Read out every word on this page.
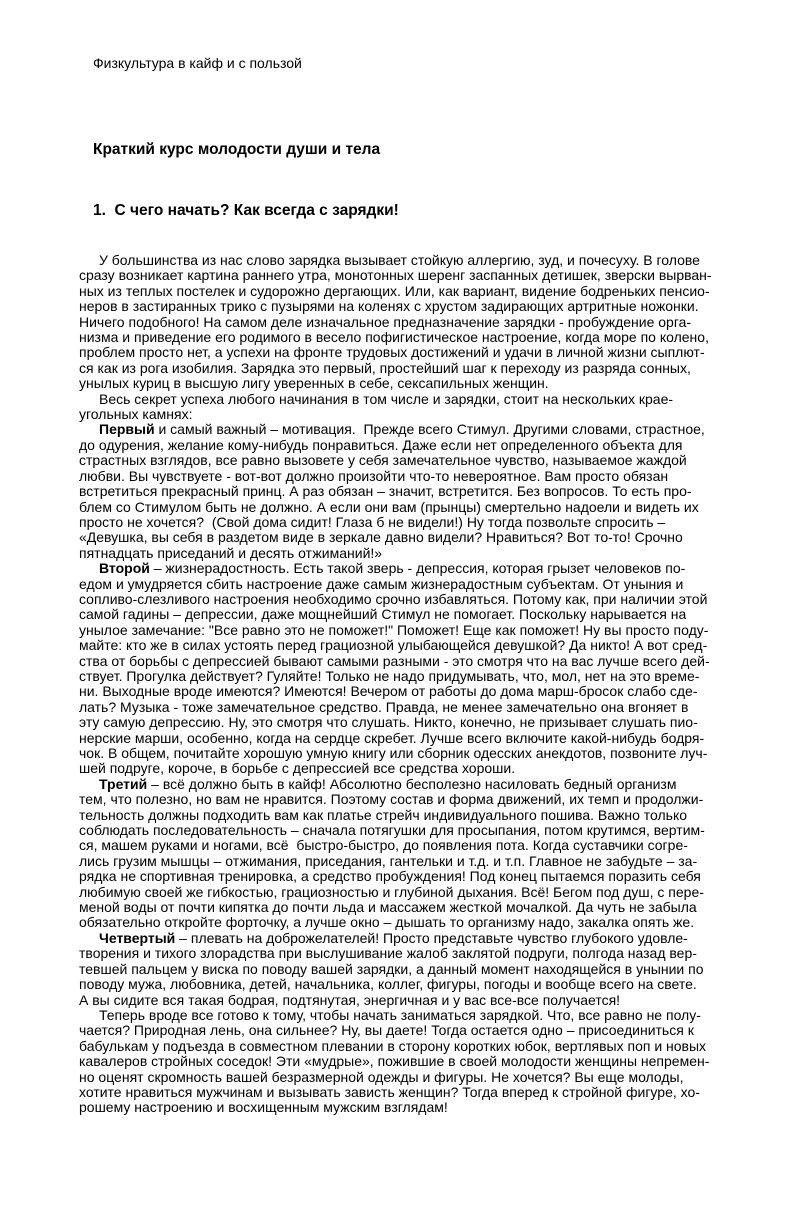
Физкультура в кайф и с пользой
Краткий курс молодости души и тела
1.  С чего начать? Как всегда с зарядки!
У большинства из нас слово зарядка вызывает стойкую аллергию, зуд, и почесуху. В голове
сразу возникает картина раннего утра, монотонных шеренг заспанных детишек, зверски вырван-
ных из теплых постелек и судорожно дергающих. Или, как вариант, видение бодреньких пенсио-
неров в застиранных трико с пузырями на коленях с хрустом задирающих артритные ножонки.
Ничего подобного! На самом деле изначальное предназначение зарядки - пробуждение орга-
низма и приведение его родимого в весело пофигистическое настроение, когда море по колено,
проблем просто нет, а успехи на фронте трудовых достижений и удачи в личной жизни сыплют-
ся как из рога изобилия. Зарядка это первый, простейший шаг к переходу из разряда сонных,
унылых куриц в высшую лигу уверенных в себе, сексапильных женщин.
Весь секрет успеха любого начинания в том числе и зарядки, стоит на нескольких крае-
угольных камнях:
Первый и самый важный – мотивация.  Прежде всего Стимул. Другими словами, страстное,
до одурения, желание кому-нибудь понравиться. Даже если нет определенного объекта для
страстных взглядов, все равно вызовете у себя замечательное чувство, называемое жаждой
любви. Вы чувствуете - вот-вот должно произойти что-то невероятное. Вам просто обязан
встретиться прекрасный принц. А раз обязан – значит, встретится. Без вопросов. То есть про-
блем со Стимулом быть не должно. А если они вам (прынцы) смертельно надоели и видеть их
просто не хочется?  (Свой дома сидит! Глаза б не видели!) Ну тогда позвольте спросить –
«Девушка, вы себя в раздетом виде в зеркале давно видели? Нравиться? Вот то-то! Срочно
пятнадцать приседаний и десять отжиманий!»
Второй – жизнерадостность. Есть такой зверь - депрессия, которая грызет человеков по-
едом и умудряется сбить настроение даже самым жизнерадостным субъектам. От уныния и
сопливо-слезливого настроения необходимо срочно избавляться. Потому как, при наличии этой
самой гадины – депрессии, даже мощнейший Стимул не помогает. Поскольку нарывается на
унылое замечание: "Все равно это не поможет!" Поможет! Еще как поможет! Ну вы просто поду-
майте: кто же в силах устоять перед грациозной улыбающейся девушкой? Да никто! А вот сред-
ства от борьбы с депрессией бывают самыми разными - это смотря что на вас лучше всего дей-
ствует. Прогулка действует? Гуляйте! Только не надо придумывать, что, мол, нет на это време-
ни. Выходные вроде имеются? Имеются! Вечером от работы до дома марш-бросок слабо сде-
лать? Музыка - тоже замечательное средство. Правда, не менее замечательно она вгоняет в
эту самую депрессию. Ну, это смотря что слушать. Никто, конечно, не призывает слушать пио-
нерские марши, особенно, когда на сердце скребет. Лучше всего включите какой-нибудь бодря-
чок. В общем, почитайте хорошую умную книгу или сборник одесских анекдотов, позвоните луч-
шей подруге, короче, в борьбе с депрессией все средства хороши.
Третий – всё должно быть в кайф! Абсолютно бесполезно насиловать бедный организм
тем, что полезно, но вам не нравится. Поэтому состав и форма движений, их темп и продолжи-
тельность должны подходить вам как платье стрейч индивидуального пошива. Важно только
соблюдать последовательность – сначала потягушки для просыпания, потом крутимся, вертим-
ся, машем руками и ногами, всё  быстро-быстро, до появления пота. Когда суставчики согре-
лись грузим мышцы – отжимания, приседания, гантельки и т.д. и т.п. Главное не забудьте – за-
рядка не спортивная тренировка, а средство пробуждения! Под конец пытаемся поразить себя
любимую своей же гибкостью, грациозностью и глубиной дыхания. Всё! Бегом под душ, с пере-
меной воды от почти кипятка до почти льда и массажем жесткой мочалкой. Да чуть не забыла
обязательно откройте форточку, а лучше окно – дышать то организму надо, закалка опять же.
Четвертый – плевать на доброжелателей! Просто представьте чувство глубокого удовле-
творения и тихого злорадства при выслушивание жалоб заклятой подруги, полгода назад вер-
тевшей пальцем у виска по поводу вашей зарядки, а данный момент находящейся в унынии по
поводу мужа, любовника, детей, начальника, коллег, фигуры, погоды и вообще всего на свете.
А вы сидите вся такая бодрая, подтянутая, энергичная и у вас все-все получается!
Теперь вроде все готово к тому, чтобы начать заниматься зарядкой. Что, все равно не полу-
чается? Природная лень, она сильнее? Ну, вы даете! Тогда остается одно – присоединиться к
бабулькам у подъезда в совместном плевании в сторону коротких юбок, вертлявых поп и новых
кавалеров стройных соседок! Эти «мудрые», пожившие в своей молодости женщины непремен-
но оценят скромность вашей безразмерной одежды и фигуры. Не хочется? Вы еще молоды,
хотите нравиться мужчинам и вызывать зависть женщин? Тогда вперед к стройной фигуре, хо-
рошему настроению и восхищенным мужским взглядам!
